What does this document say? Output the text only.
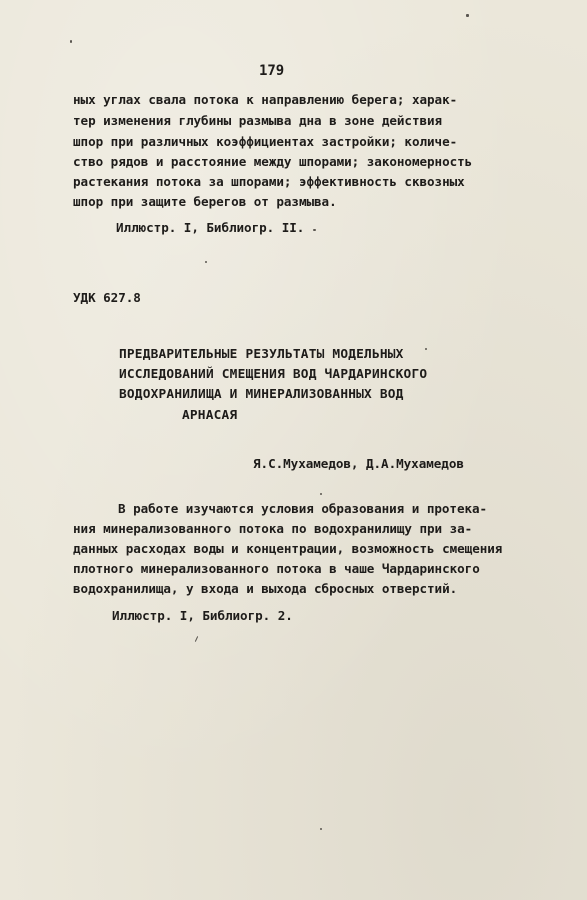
179
ных углах свала потока к направлению берега; харак-
тер изменения глубины размыва дна в зоне действия
шпор при различных коэффициентах застройки; количе-
ство рядов и расстояние между шпорами; закономерность
растекания потока за шпорами; эффективность сквозных
шпор при защите берегов от размыва.
Иллюстр. I, Библиогр. II.
УДК 627.8
ПРЕДВАРИТЕЛЬНЫЕ РЕЗУЛЬТАТЫ МОДЕЛЬНЫХ
ИССЛЕДОВАНИЙ СМЕЩЕНИЯ ВОД ЧАРДАРИНСКОГО
ВОДОХРАНИЛИЩА И МИНЕРАЛИЗОВАННЫХ ВОД
АРНАСАЯ
Я.С.Мухамедов, Д.А.Мухамедов
В работе изучаются условия образования и протека-
ния минерализованного потока по водохранилищу при за-
данных расходах воды и концентрации, возможность смещения
плотного минерализованного потока в чаше Чардаринского
водохранилища, у входа и выхода сбросных отверстий.
Иллюстр. I, Библиогр. 2.
